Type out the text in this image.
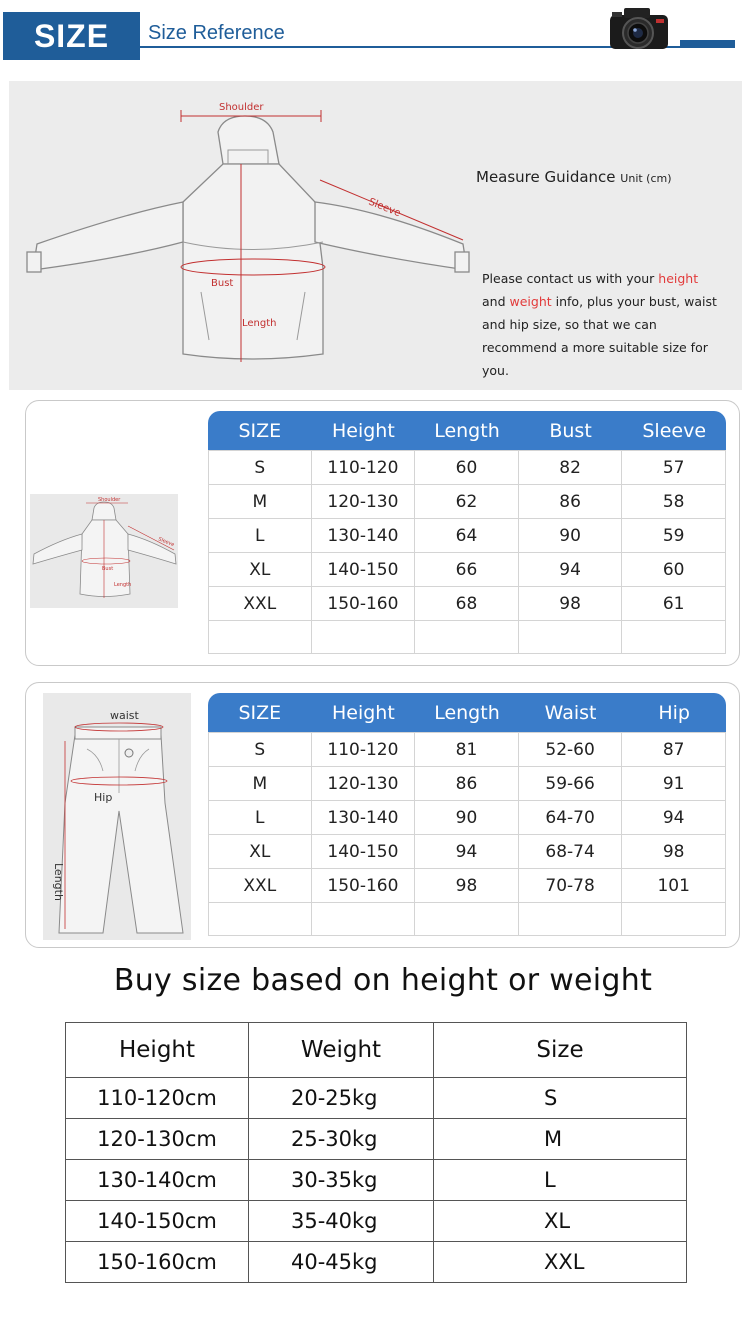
SIZE	Size Reference
Shoulder
Sleeve
Bust
Length
Measure Guidance Unit (cm)
Please contact us with your height and weight info, plus your bust, waist and hip size, so that we can recommend a more suitable size for you.
Shoulder
Sleeve
Bust
Length
SIZE	Height	Length	Bust	Sleeve
S	110-120	60	82	57
M	120-130	62	86	58
L	130-140	64	90	59
XL	140-150	66	94	60
XXL	150-160	68	98	61

waist
Hip
Length
SIZE	Height	Length	Waist	Hip
S	110-120	81	52-60	87
M	120-130	86	59-66	91
L	130-140	90	64-70	94
XL	140-150	94	68-74	98
XXL	150-160	98	70-78	101

Buy size based on height or weight
Height	Weight	Size
110-120cm	20-25kg	S
120-130cm	25-30kg	M
130-140cm	30-35kg	L
140-150cm	35-40kg	XL
150-160cm	40-45kg	XXL
